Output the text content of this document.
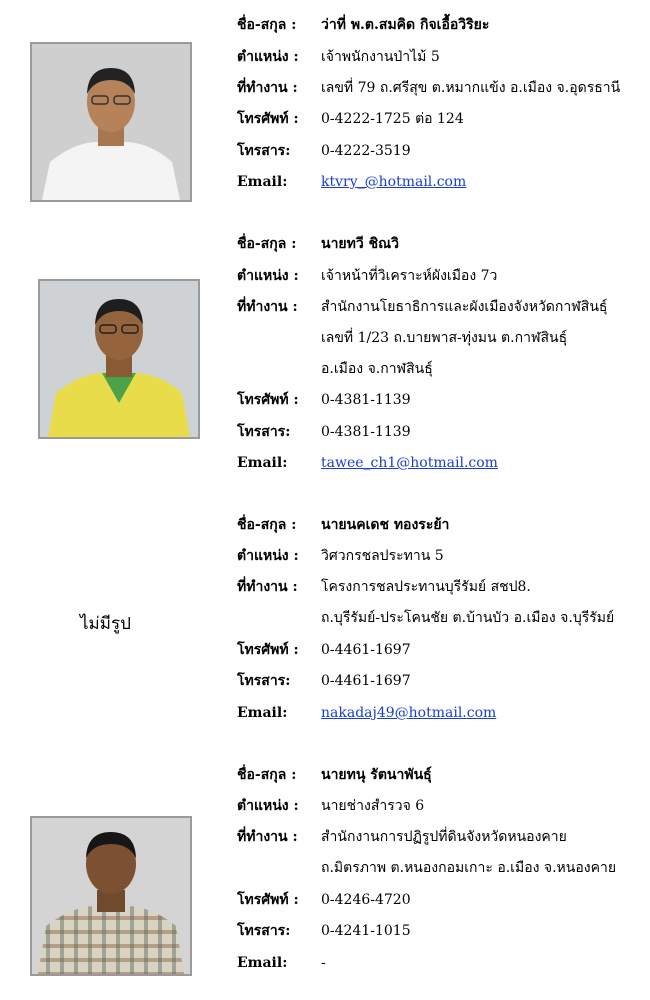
ชื่อ-สกุล : ว่าที่ พ.ต.สมคิด กิจเอื้อวิริยะ
ตำแหน่ง : เจ้าพนักงานป่าไม้ 5
ที่ทำงาน : เลขที่ 79 ถ.ศรีสุข ต.หมากแข้ง อ.เมือง จ.อุดรธานี
โทรศัพท์ : 0-4222-1725 ต่อ 124
โทรสาร: 0-4222-3519
Email: ktvry_@hotmail.com
ชื่อ-สกุล : นายทวี ชิณวิ
ตำแหน่ง : เจ้าหน้าที่วิเคราะห์ผังเมือง 7ว
ที่ทำงาน : สำนักงานโยธาธิการและผังเมืองจังหวัดกาฬสินธุ์
เลขที่ 1/23 ถ.บายพาส-ทุ่งมน ต.กาฬสินธุ์
อ.เมือง จ.กาฬสินธุ์
โทรศัพท์ : 0-4381-1139
โทรสาร: 0-4381-1139
Email: tawee_ch1@hotmail.com
ไม่มีรูป
ชื่อ-สกุล : นายนคเดช ทองระย้า
ตำแหน่ง : วิศวกรชลประทาน 5
ที่ทำงาน : โครงการชลประทานบุรีรัมย์ สชป8.
ถ.บุรีรัมย์-ประโคนชัย ต.บ้านบัว อ.เมือง จ.บุรีรัมย์
โทรศัพท์ : 0-4461-1697
โทรสาร: 0-4461-1697
Email: nakadaj49@hotmail.com
ชื่อ-สกุล : นายทนุ รัตนาพันธุ์
ตำแหน่ง : นายช่างสำรวจ 6
ที่ทำงาน : สำนักงานการปฏิรูปที่ดินจังหวัดหนองคาย
ถ.มิตรภาพ ต.หนองกอมเกาะ อ.เมือง จ.หนองคาย
โทรศัพท์ : 0-4246-4720
โทรสาร: 0-4241-1015
Email: -
